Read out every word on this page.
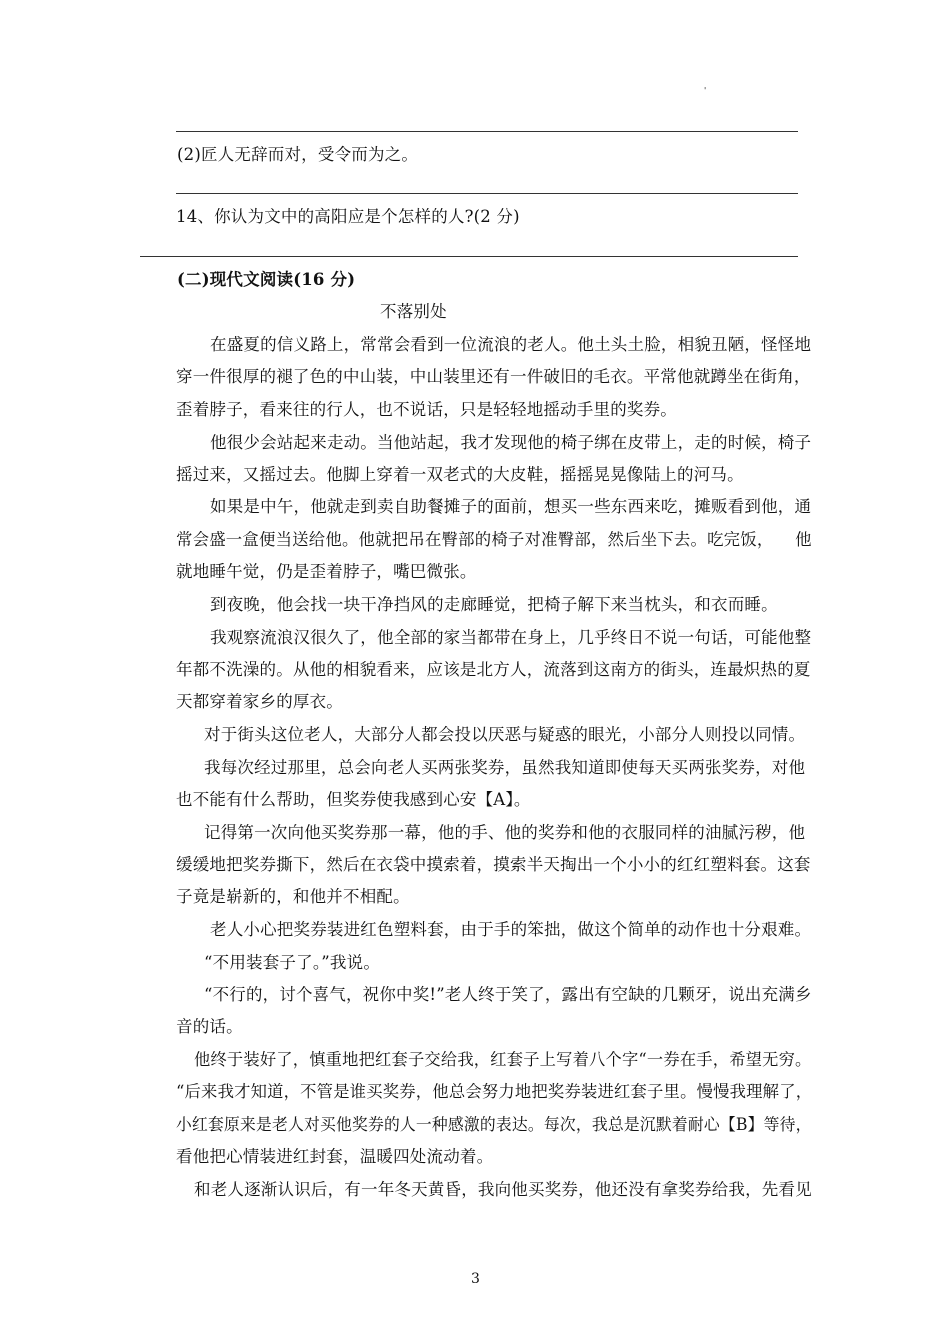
'
(2)匠人无辞而对，受令而为之。
14、你认为文中的高阳应是个怎样的人?(2 分)
(二)现代文阅读(16 分)
不落别处
在盛夏的信义路上，常常会看到一位流浪的老人。他土头土脸，相貌丑陋，怪怪地
穿一件很厚的褪了色的中山装，中山装里还有一件破旧的毛衣。平常他就蹲坐在街角，
歪着脖子，看来往的行人，也不说话，只是轻轻地摇动手里的奖券。
他很少会站起来走动。当他站起，我才发现他的椅子绑在皮带上，走的时候，椅子
摇过来，又摇过去。他脚上穿着一双老式的大皮鞋，摇摇晃晃像陆上的河马。
如果是中午，他就走到卖自助餐摊子的面前，想买一些东西来吃，摊贩看到他，通
常会盛一盒便当送给他。他就把吊在臀部的椅子对准臀部，然后坐下去。吃完饭，    他
就地睡午觉，仍是歪着脖子，嘴巴微张。
到夜晚，他会找一块干净挡风的走廊睡觉，把椅子解下来当枕头，和衣而睡。
我观察流浪汉很久了，他全部的家当都带在身上，几乎终日不说一句话，可能他整
年都不洗澡的。从他的相貌看来，应该是北方人，流落到这南方的街头，连最炽热的夏
天都穿着家乡的厚衣。
对于街头这位老人，大部分人都会投以厌恶与疑惑的眼光，小部分人则投以同情。
我每次经过那里，总会向老人买两张奖券，虽然我知道即使每天买两张奖券，对他
也不能有什么帮助，但奖券使我感到心安【A】。
记得第一次向他买奖券那一幕，他的手、他的奖券和他的衣服同样的油腻污秽，他
缓缓地把奖券撕下，然后在衣袋中摸索着，摸索半天掏出一个小小的红红塑料套。这套
子竟是崭新的，和他并不相配。
老人小心把奖券装进红色塑料套，由于手的笨拙，做这个简单的动作也十分艰难。
“不用装套子了。”我说。
“不行的，讨个喜气，祝你中奖!”老人终于笑了，露出有空缺的几颗牙，说出充满乡
音的话。
他终于装好了，慎重地把红套子交给我，红套子上写着八个字“一券在手，希望无穷。
“后来我才知道，不管是谁买奖券，他总会努力地把奖券装进红套子里。慢慢我理解了，
小红套原来是老人对买他奖券的人一种感激的表达。每次，我总是沉默着耐心【B】等待，
看他把心情装进红封套，温暖四处流动着。
和老人逐渐认识后，有一年冬天黄昏，我向他买奖券，他还没有拿奖券给我，先看见
3
